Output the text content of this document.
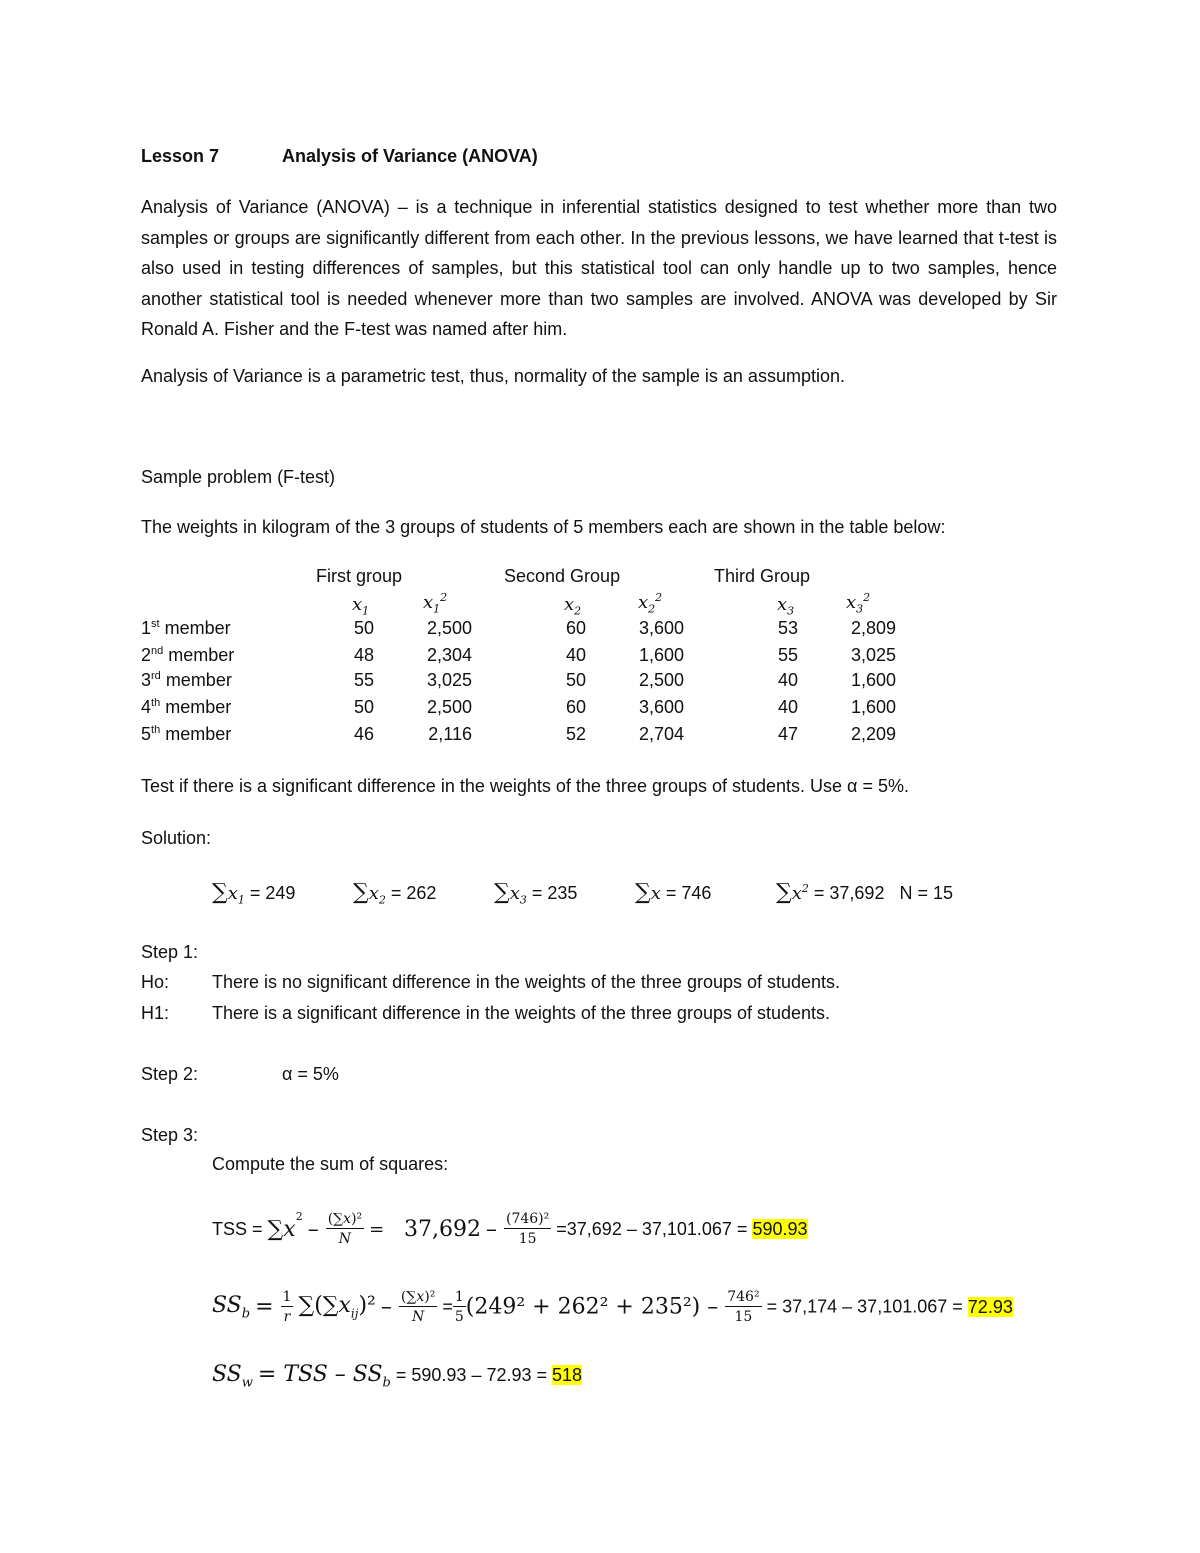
Lesson 7	Analysis of Variance (ANOVA)
Analysis of Variance (ANOVA) – is a technique in inferential statistics designed to test whether more than two samples or groups are significantly different from each other. In the previous lessons, we have learned that t-test is also used in testing differences of samples, but this statistical tool can only handle up to two samples, hence another statistical tool is needed whenever more than two samples are involved. ANOVA was developed by Sir Ronald A. Fisher and the F-test was named after him.
Analysis of Variance is a parametric test, thus, normality of the sample is an assumption.
Sample problem (F-test)
The weights in kilogram of the 3 groups of students of 5 members each are shown in the table below:
First group	Second Group	Third Group
$x_1$	$x_1^2$	$x_2$	$x_2^2$	$x_3$	$x_3^2$
1st member	50	2,500	60	3,600	53	2,809
2nd member	48	2,304	40	1,600	55	3,025
3rd member	55	3,025	50	2,500	40	1,600
4th member	50	2,500	60	3,600	40	1,600
5th member	46	2,116	52	2,704	47	2,209
Test if there is a significant difference in the weights of the three groups of students. Use α = 5%.
Solution:
$\sum x_1 = 249$	$\sum x_2 = 262$	$\sum x_3 = 235$	∑x = 746	$\sum x^2 = 37,692$ N = 15
Step 1:
Ho: There is no significant difference in the weights of the three groups of students.
H1: There is a significant difference in the weights of the three groups of students.
Step 2:	α = 5%
Step 3:
Compute the sum of squares:
TSS = $\sum x^2 - \frac{\text{(∑x)²}}{N} = 37,692 - \frac{\text{(746)²}}{15} =37,692 - 37,101.067 = 590.93$
$SS_b = \frac{1}{r} \sum(\sum x_{ij})^2 - \frac{\text{(∑x)²}}{N} = \frac{1}{5} (249^2 + 262^2 + 235^2) - \frac{\text{746²}}{15} = 37,174 - 37,101.067 = 72.93$
$SS_w$ = TSS – $SS_b = 590.93 - 72.93 = 518$
